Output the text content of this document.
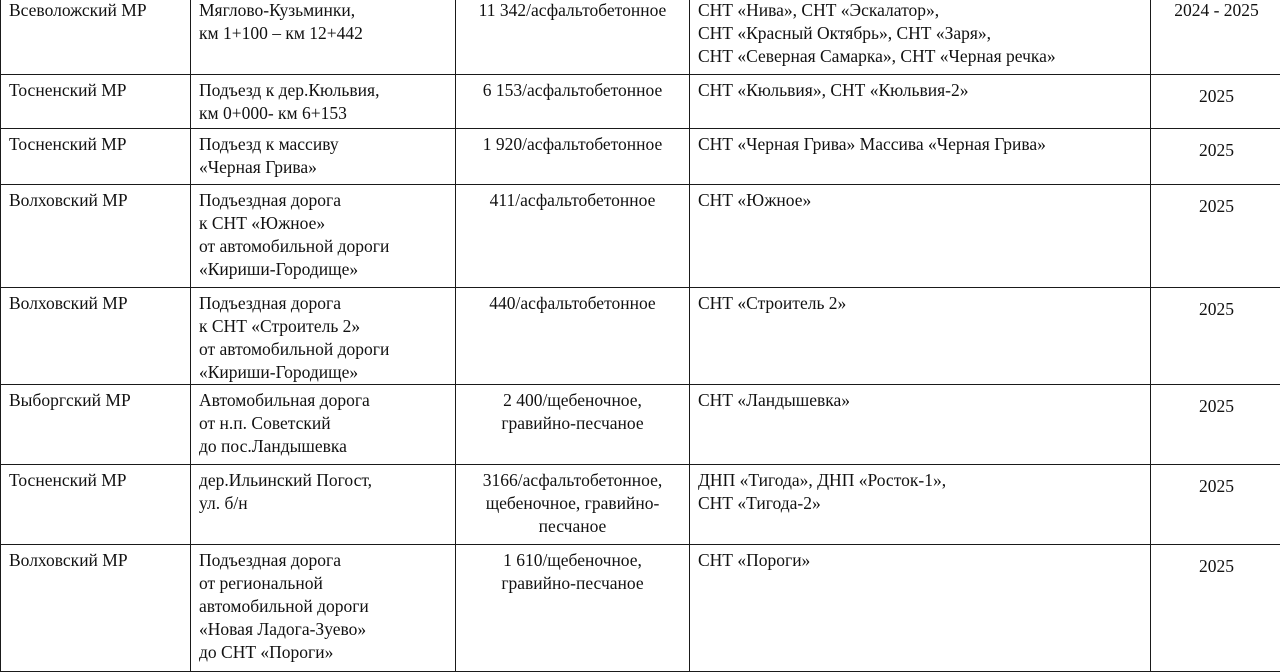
Всеволожский МР	Мяглово-Кузьминки,
км 1+100 – км 12+442	11 342/асфальтобетонное	СНТ «Нива», СНТ «Эскалатор»,
СНТ «Красный Октябрь», СНТ «Заря»,
СНТ «Северная Самарка», СНТ «Черная речка»	2024 - 2025

Тосненский МР	Подъезд к дер.Кюльвия,
км 0+000- км 6+153	6 153/асфальтобетонное	СНТ «Кюльвия», СНТ «Кюльвия-2»	2025

Тосненский МР	Подъезд к массиву
«Черная Грива»	1 920/асфальтобетонное	СНТ «Черная Грива» Массива «Черная Грива»	2025

Волховский МР	Подъездная дорога
к СНТ «Южное»
от автомобильной дороги
«Кириши-Городище»	411/асфальтобетонное	СНТ «Южное»	2025

Волховский МР	Подъездная дорога
к СНТ «Строитель 2»
от автомобильной дороги
«Кириши-Городище»	440/асфальтобетонное	СНТ «Строитель 2»	2025

Выборгский МР	Автомобильная дорога
от н.п. Советский
до пос.Ландышевка	2 400/щебеночное,
гравийно-песчаное	СНТ «Ландышевка»	2025

Тосненский МР	дер.Ильинский Погост,
ул. б/н	3166/асфальтобетонное,
щебеночное, гравийно-
песчаное	ДНП «Тигода», ДНП «Росток-1»,
СНТ «Тигода-2»	2025

Волховский МР	Подъездная дорога
от региональной
автомобильной дороги
«Новая Ладога-Зуево»
до СНТ «Пороги»	1 610/щебеночное,
гравийно-песчаное	СНТ «Пороги»	2025
